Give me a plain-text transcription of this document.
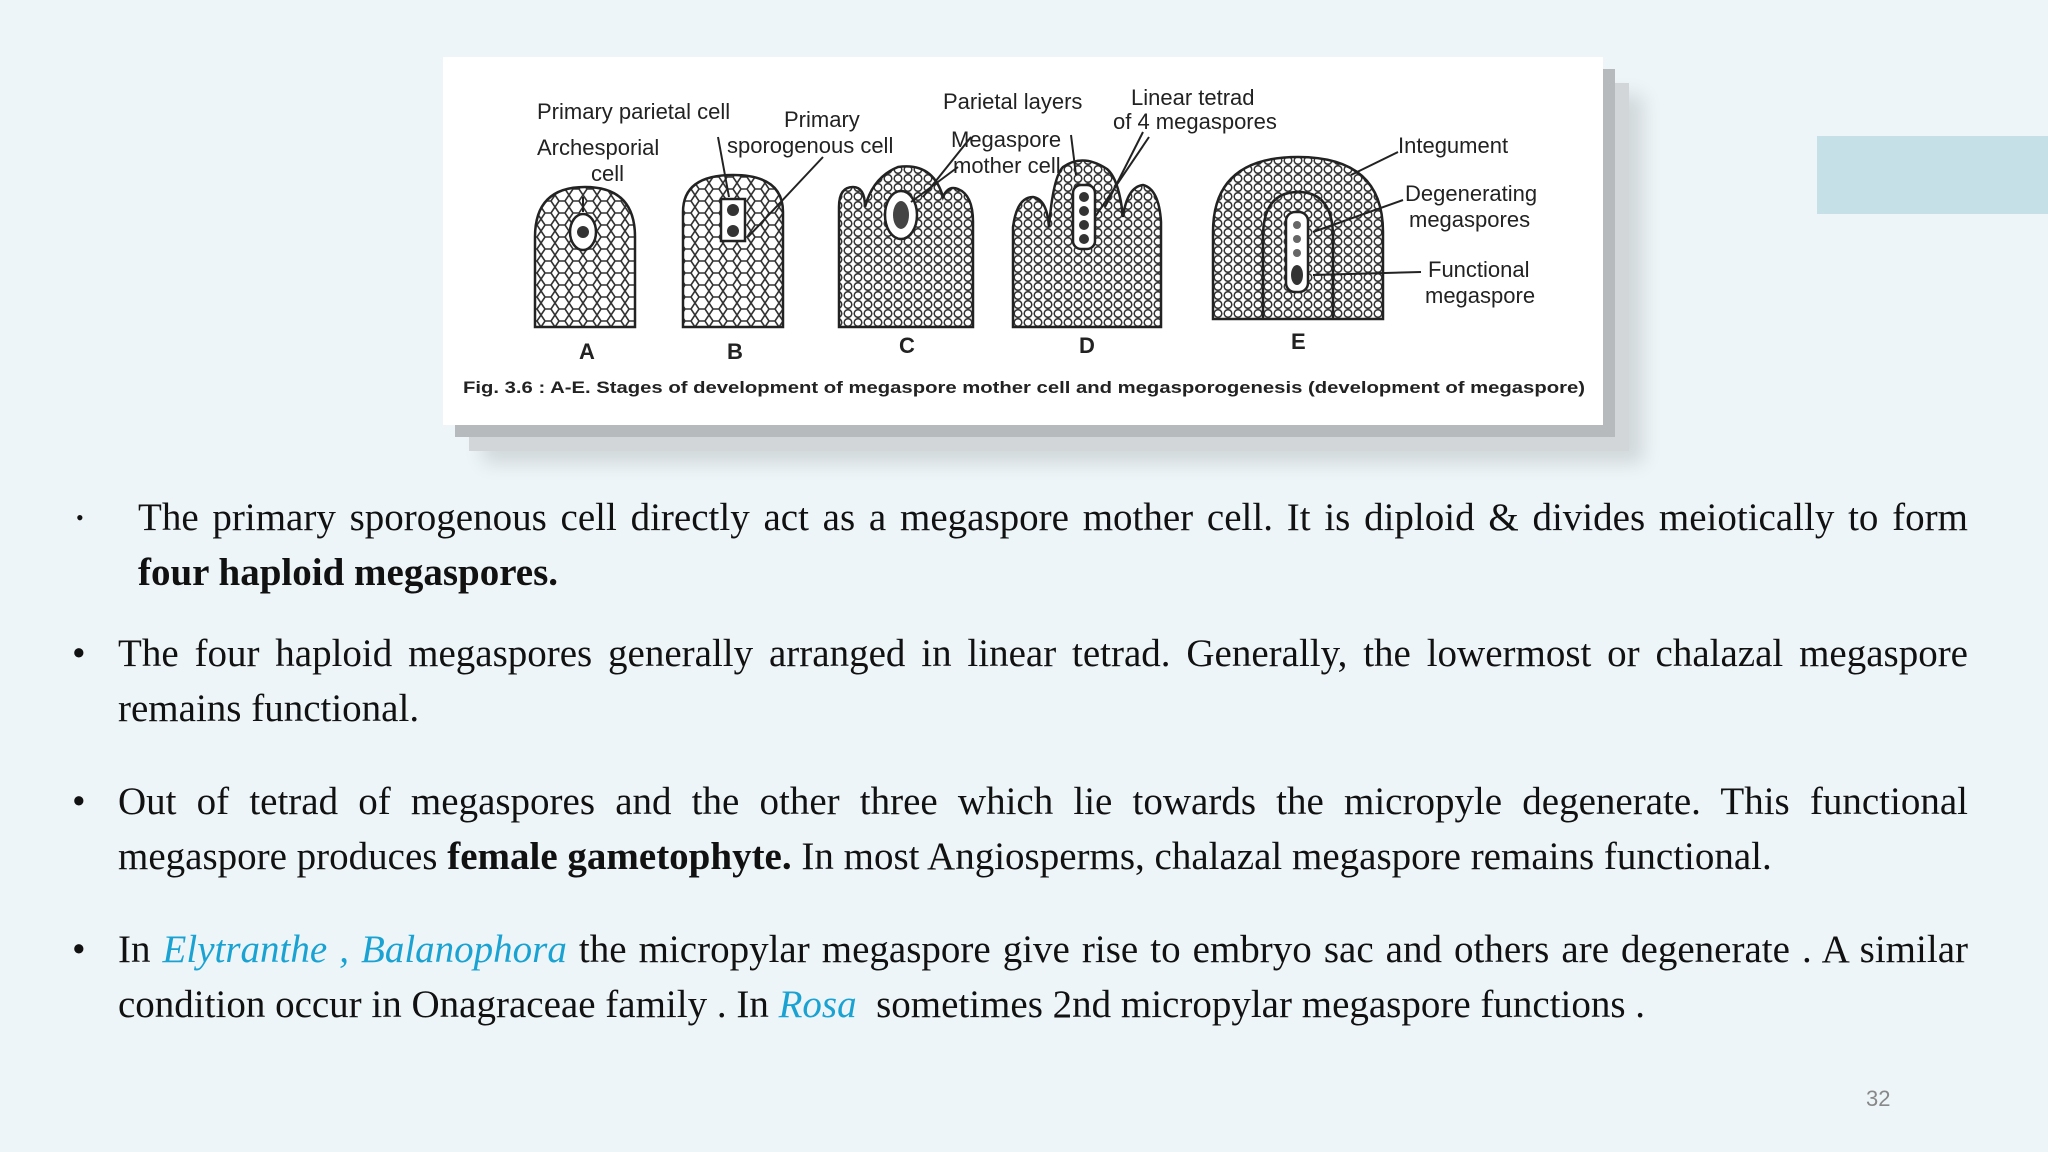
Primary parietal cell
Archesporial
cell
Primary
sporogenous cell
Parietal layers
Megaspore
mother cell
Linear tetrad
of 4 megaspores
Integument
Degenerating
megaspores
Functional
megaspore
A	B	C	D	E
Fig. 3.6 : A-E. Stages of development of megaspore mother cell and megasporogenesis (development of megaspore)
• The primary sporogenous cell directly act as a megaspore mother cell. It is diploid & divides meiotically to form four haploid megaspores.
• The four haploid megaspores generally arranged in linear tetrad. Generally, the lowermost or chalazal megaspore remains functional.
• Out of tetrad of megaspores and the other three which lie towards the micropyle degenerate. This functional megaspore produces female gametophyte. In most Angiosperms, chalazal megaspore remains functional.
• In Elytranthe , Balanophora the micropylar megaspore give rise to embryo sac and others are degenerate . A similar condition occur in Onagraceae family . In Rosa  sometimes 2nd micropylar megaspore functions .
32
